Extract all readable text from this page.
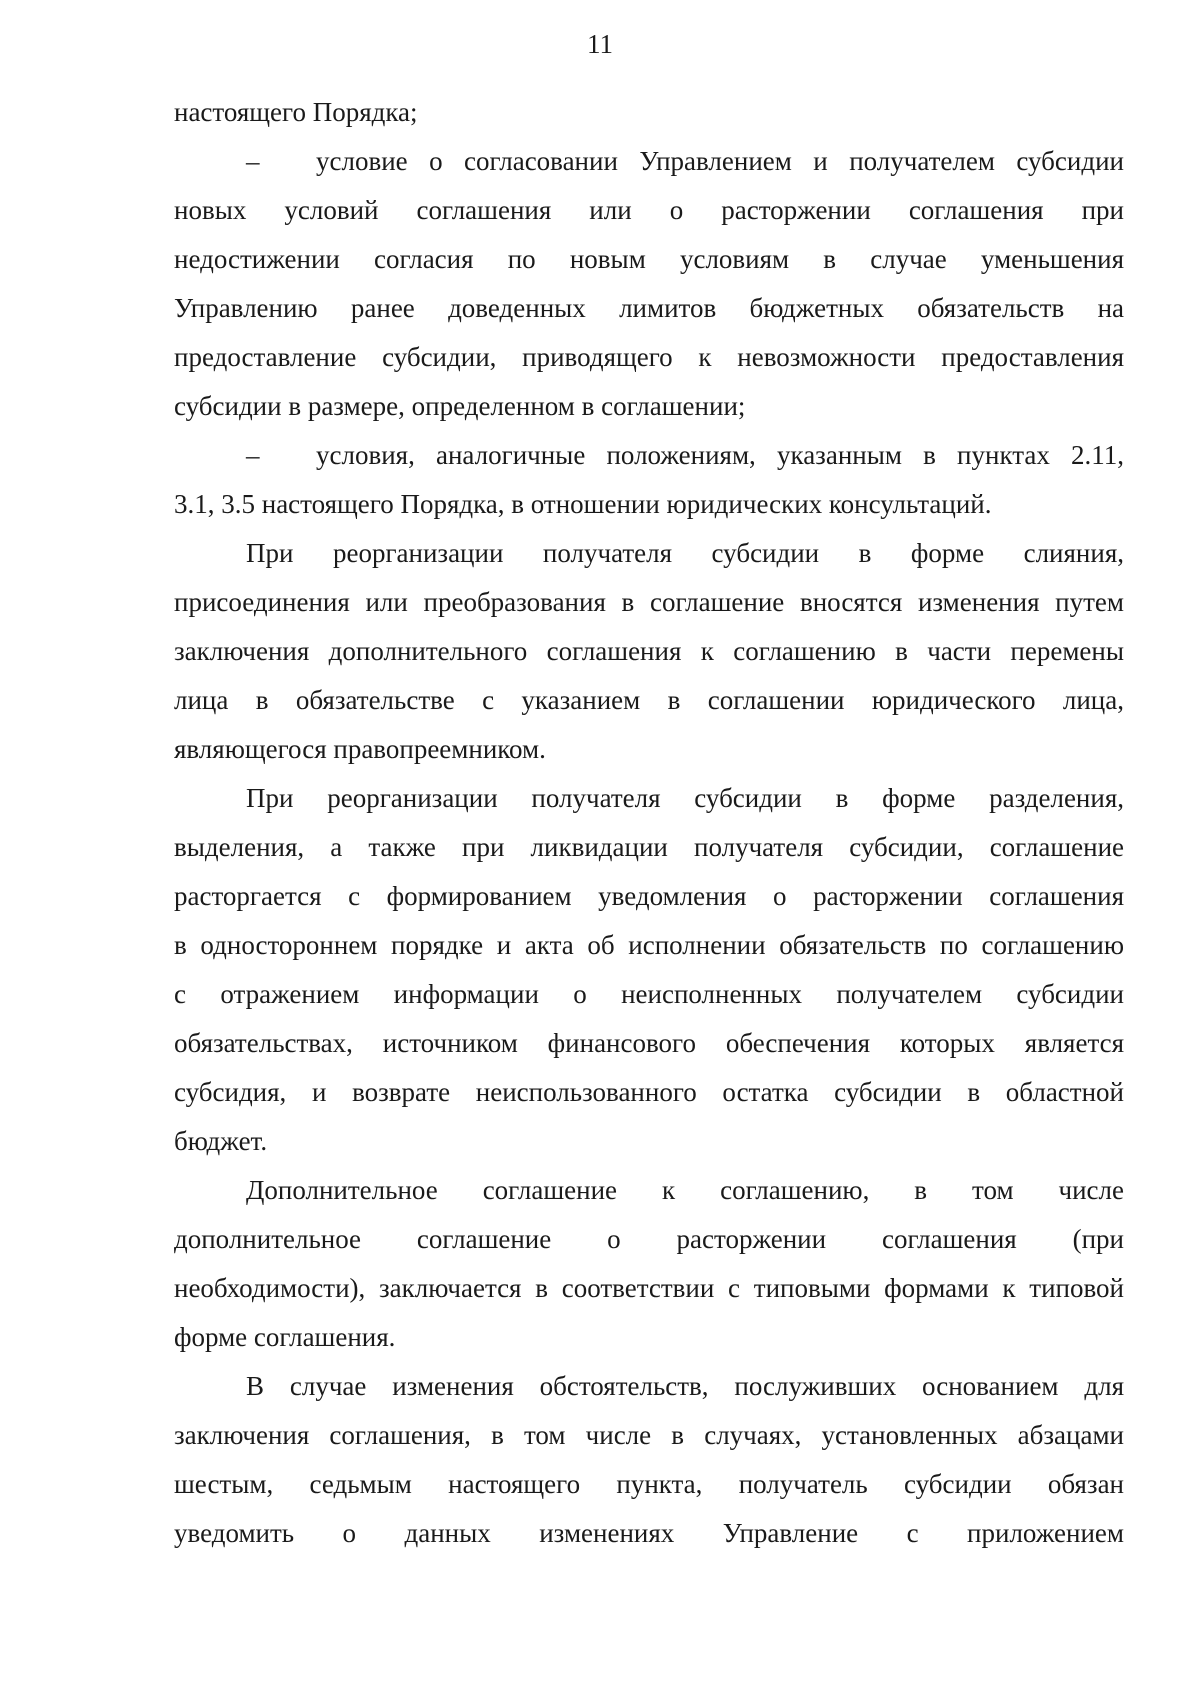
11
настоящего Порядка;
–	условие о согласовании Управлением и получателем субсидии
новых условий соглашения или о расторжении соглашения при
недостижении согласия по новым условиям в случае уменьшения
Управлению ранее доведенных лимитов бюджетных обязательств на
предоставление субсидии, приводящего к невозможности предоставления
субсидии в размере, определенном в соглашении;
–	условия, аналогичные положениям, указанным в пунктах 2.11,
3.1, 3.5 настоящего Порядка, в отношении юридических консультаций.
При реорганизации получателя субсидии в форме слияния,
присоединения или преобразования в соглашение вносятся изменения путем
заключения дополнительного соглашения к соглашению в части перемены
лица в обязательстве с указанием в соглашении юридического лица,
являющегося правопреемником.
При реорганизации получателя субсидии в форме разделения,
выделения, а также при ликвидации получателя субсидии, соглашение
расторгается с формированием уведомления о расторжении соглашения
в одностороннем порядке и акта об исполнении обязательств по соглашению
с отражением информации о неисполненных получателем субсидии
обязательствах, источником финансового обеспечения которых является
субсидия, и возврате неиспользованного остатка субсидии в областной
бюджет.
Дополнительное соглашение к соглашению, в том числе
дополнительное соглашение о расторжении соглашения (при
необходимости), заключается в соответствии с типовыми формами к типовой
форме соглашения.
В случае изменения обстоятельств, послуживших основанием для
заключения соглашения, в том числе в случаях, установленных абзацами
шестым, седьмым настоящего пункта, получатель субсидии обязан
уведомить о данных изменениях Управление с приложением
